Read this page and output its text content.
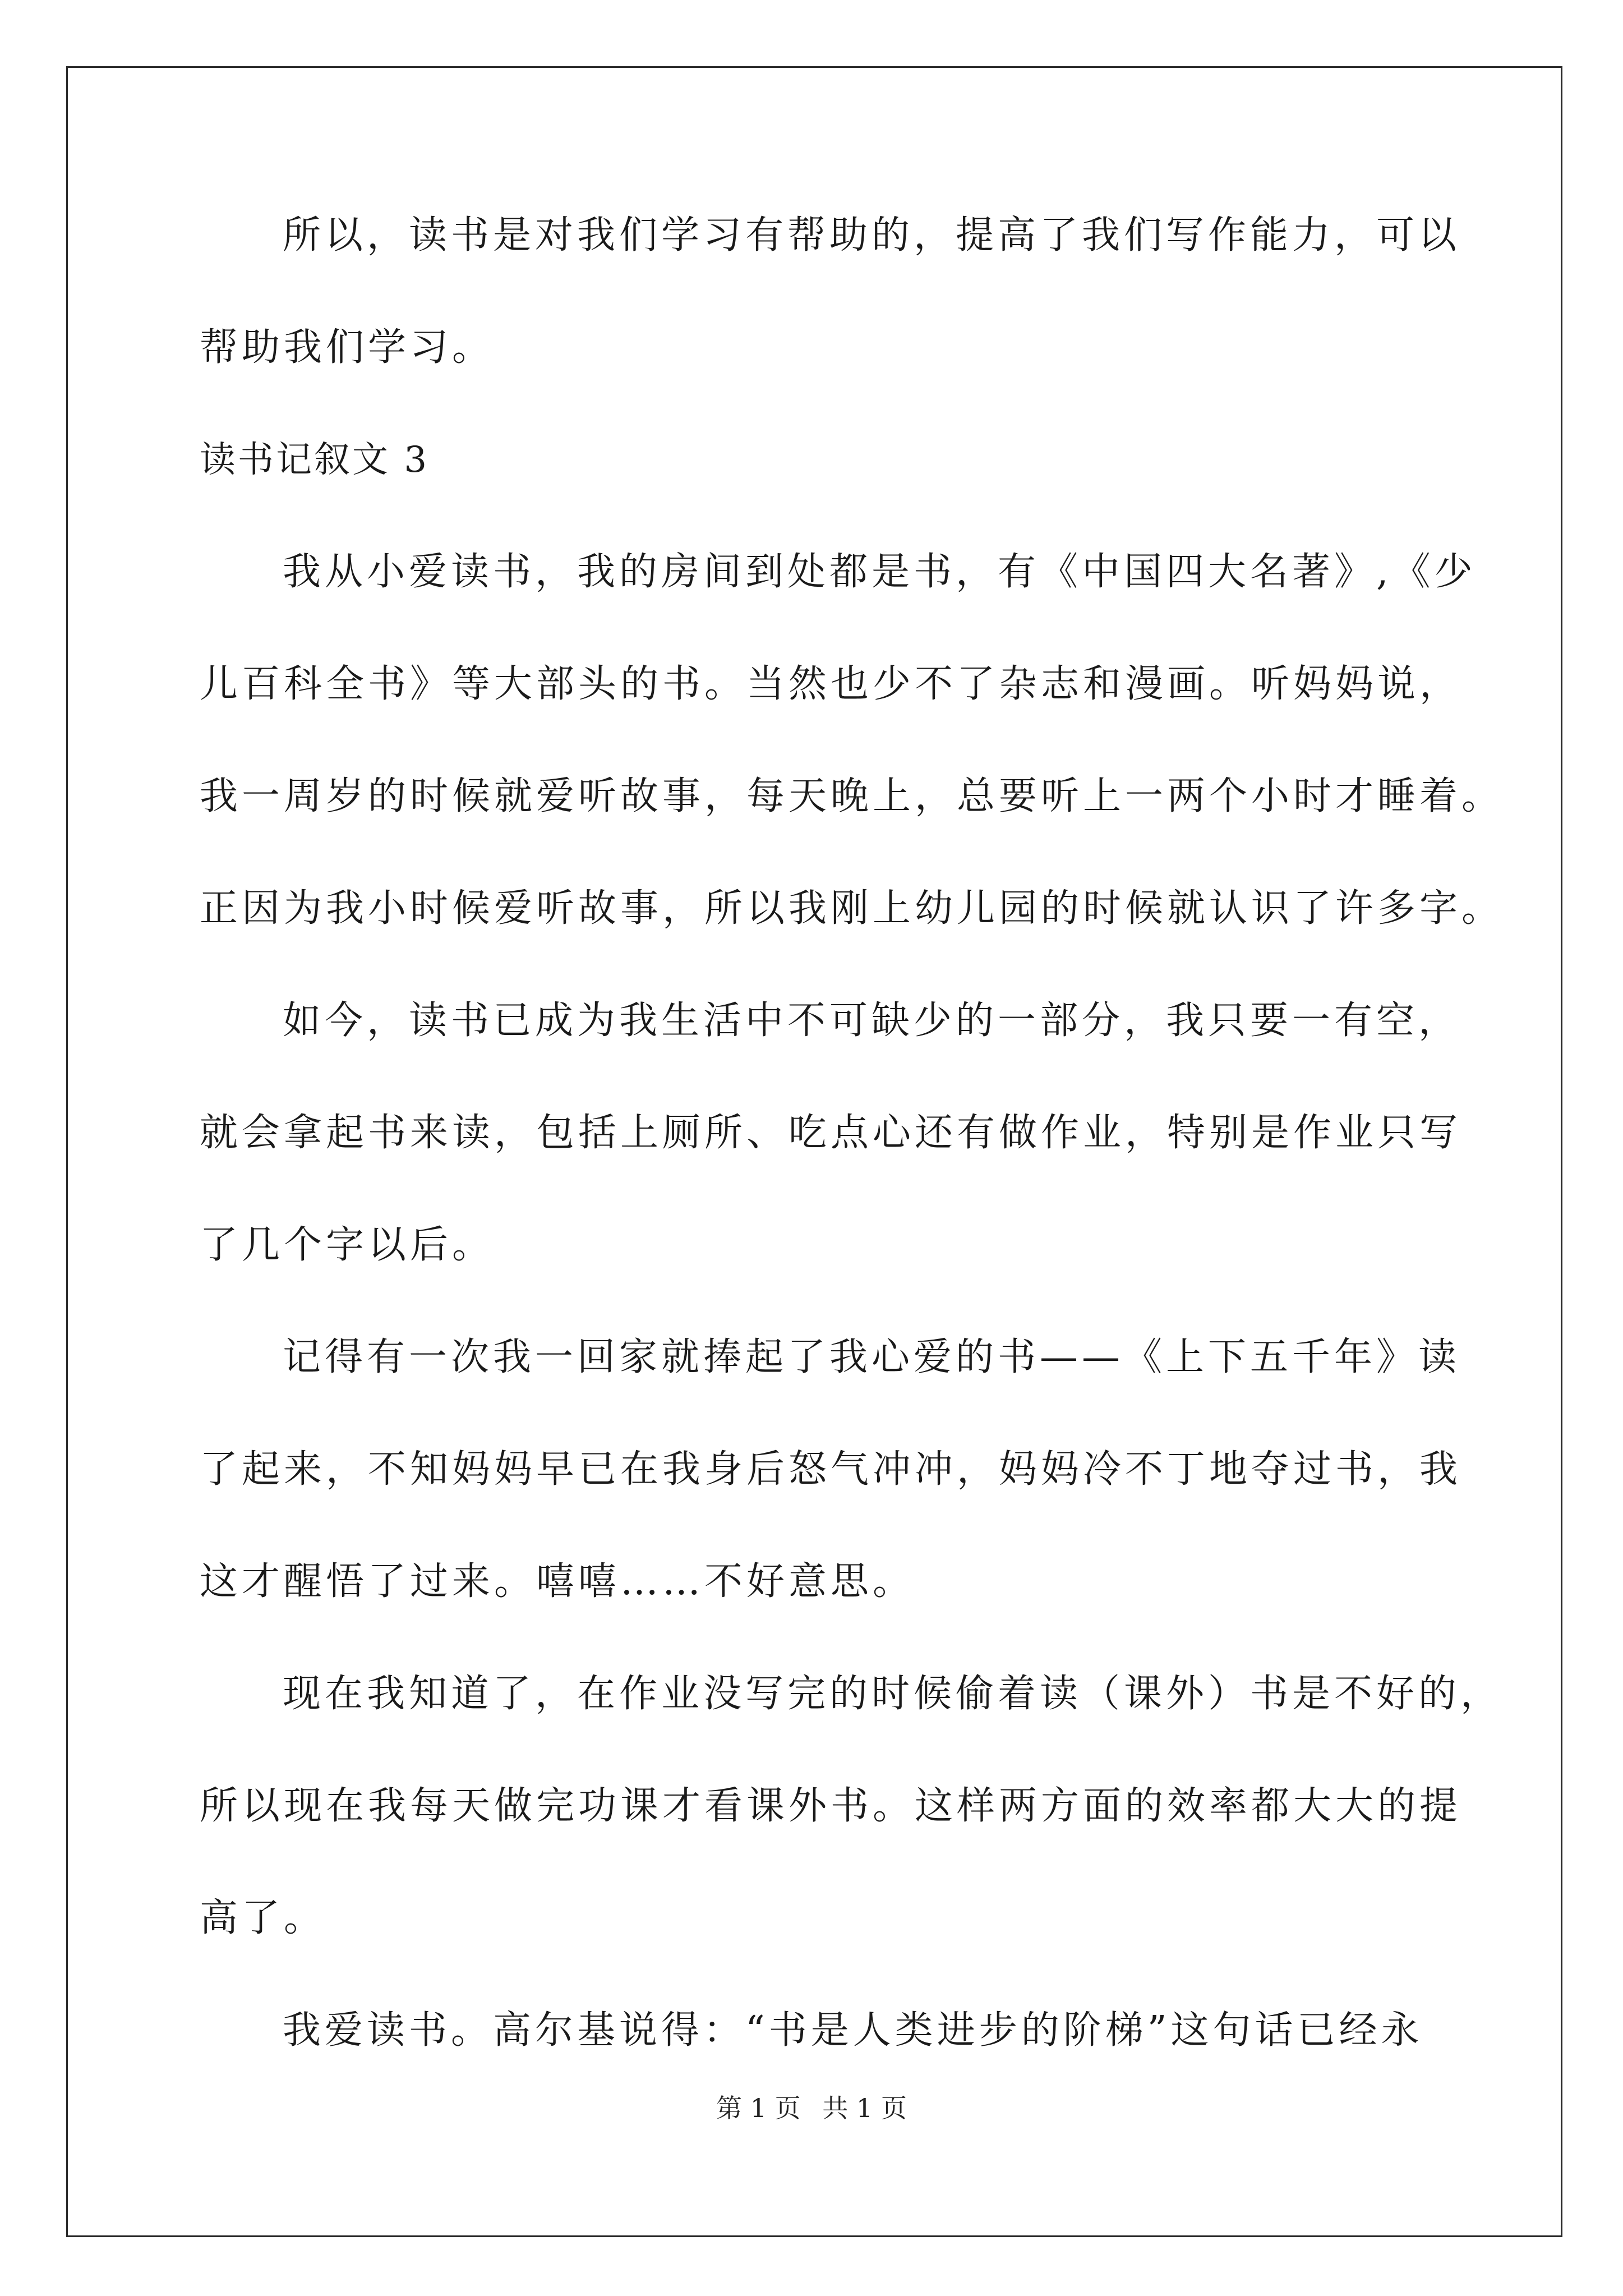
所以，读书是对我们学习有帮助的，提高了我们写作能力，可以
帮助我们学习。
读书记叙文 3
我从小爱读书，我的房间到处都是书，有《中国四大名著》,《少
儿百科全书》等大部头的书。当然也少不了杂志和漫画。听妈妈说，
我一周岁的时候就爱听故事，每天晚上，总要听上一两个小时才睡着。
正因为我小时候爱听故事，所以我刚上幼儿园的时候就认识了许多字。
如今，读书已成为我生活中不可缺少的一部分，我只要一有空，
就会拿起书来读，包括上厕所、吃点心还有做作业，特别是作业只写
了几个字以后。
记得有一次我一回家就捧起了我心爱的书——《上下五千年》读
了起来，不知妈妈早已在我身后怒气冲冲，妈妈冷不丁地夺过书，我
这才醒悟了过来。嘻嘻……不好意思。
现在我知道了，在作业没写完的时候偷着读（课外）书是不好的，
所以现在我每天做完功课才看课外书。这样两方面的效率都大大的提
高了。
我爱读书。高尔基说得：“书是人类进步的阶梯”这句话已经永
第 1 页 共 1 页
